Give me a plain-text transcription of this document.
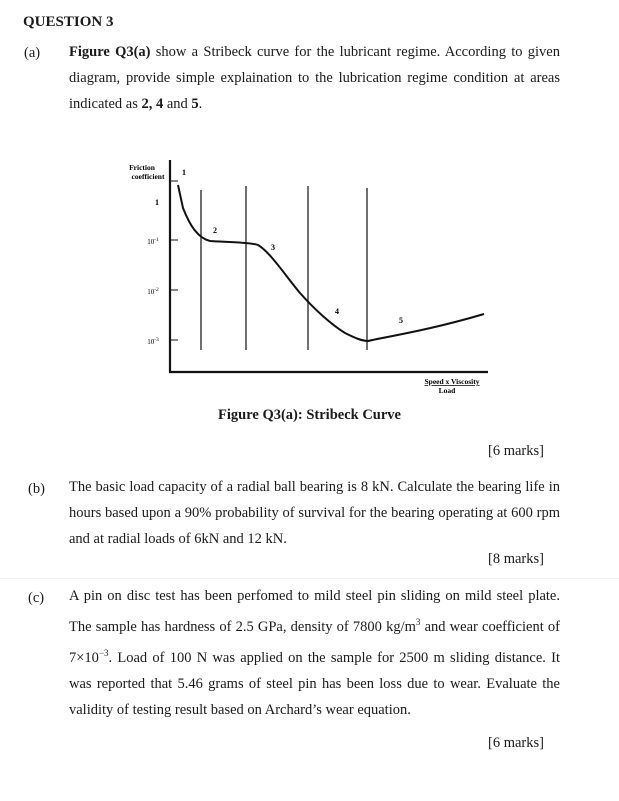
QUESTION 3
(a) Figure Q3(a) show a Stribeck curve for the lubricant regime. According to given diagram, provide simple explaination to the lubrication regime condition at areas indicated as 2, 4 and 5.
Friction
coefficient
Speed x Viscosity
Load
1
$10^{-1}$
$10^{-2}$
$10^{-3}$
1
2
3
4
5
Figure Q3(a): Stribeck Curve
[6 marks]
(b) The basic load capacity of a radial ball bearing is 8 kN. Calculate the bearing life in hours based upon a 90% probability of survival for the bearing operating at 600 rpm and at radial loads of 6kN and 12 kN.
[8 marks]
(c) A pin on disc test has been perfomed to mild steel pin sliding on mild steel plate. The sample has hardness of 2.5 GPa, density of 7800 $kg/m^3$ and wear coefficient of $7\times 10^{-3}$. Load of 100 N was applied on the sample for 2500 m sliding distance. It was reported that 5.46 grams of steel pin has been loss due to wear. Evaluate the validity of testing result based on Archard’s wear equation.
[6 marks]
